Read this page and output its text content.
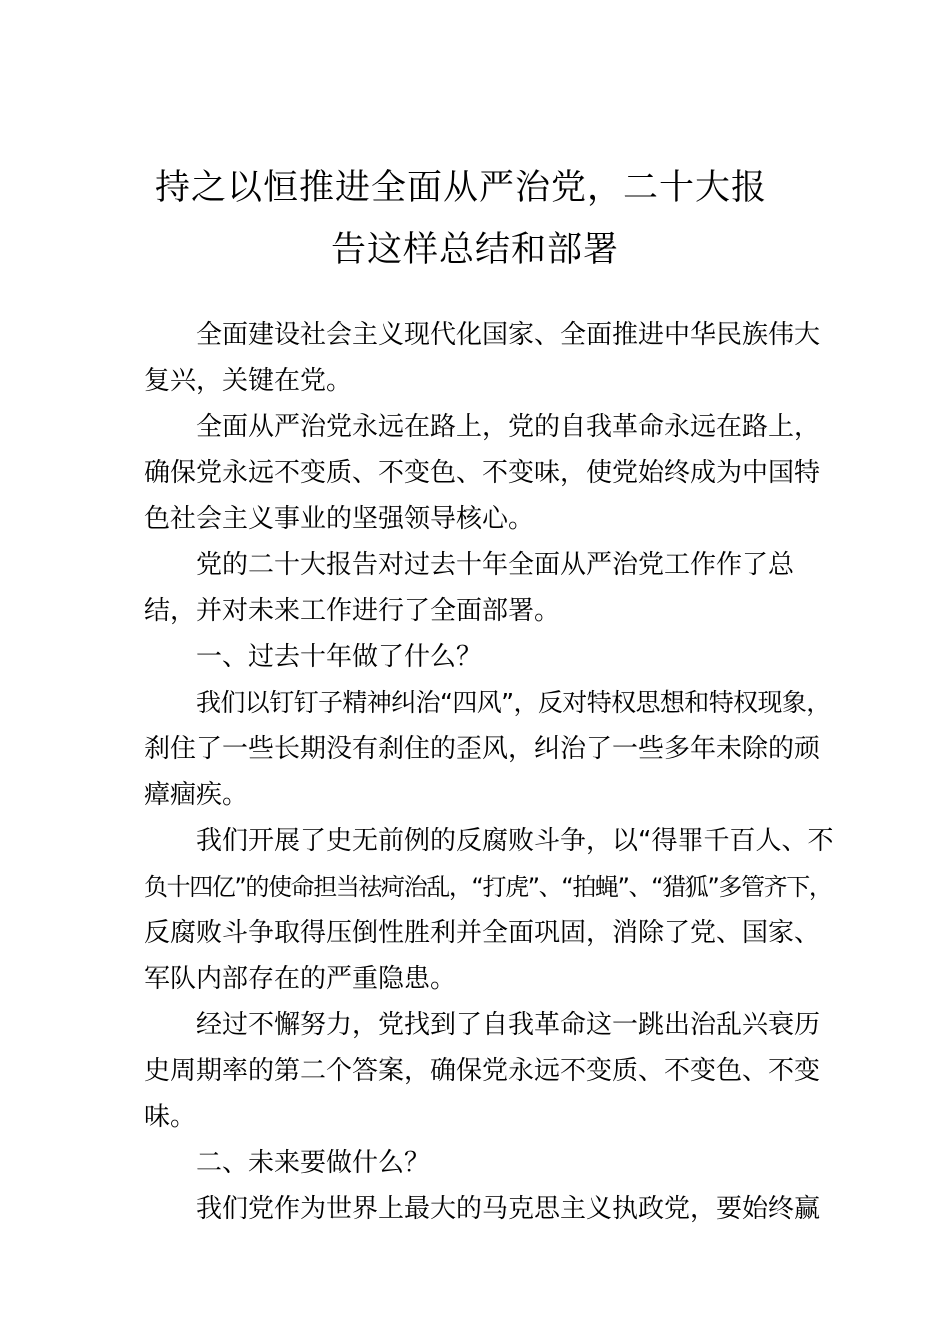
持之以恒推进全面从严治党，二十大报
告这样总结和部署
全面建设社会主义现代化国家、全面推进中华民族伟大
复兴，关键在党。
全面从严治党永远在路上，党的自我革命永远在路上，
确保党永远不变质、不变色、不变味，使党始终成为中国特
色社会主义事业的坚强领导核心。
党的二十大报告对过去十年全面从严治党工作作了总
结，并对未来工作进行了全面部署。
一、过去十年做了什么？
我们以钉钉子精神纠治“四风”，反对特权思想和特权现象，
刹住了一些长期没有刹住的歪风，纠治了一些多年未除的顽
瘴痼疾。
我们开展了史无前例的反腐败斗争，以“得罪千百人、不
负十四亿”的使命担当祛疴治乱，“打虎”、“拍蝇”、“猎狐”多管齐下，
反腐败斗争取得压倒性胜利并全面巩固，消除了党、国家、
军队内部存在的严重隐患。
经过不懈努力，党找到了自我革命这一跳出治乱兴衰历
史周期率的第二个答案，确保党永远不变质、不变色、不变
味。
二、未来要做什么？
我们党作为世界上最大的马克思主义执政党，要始终赢
